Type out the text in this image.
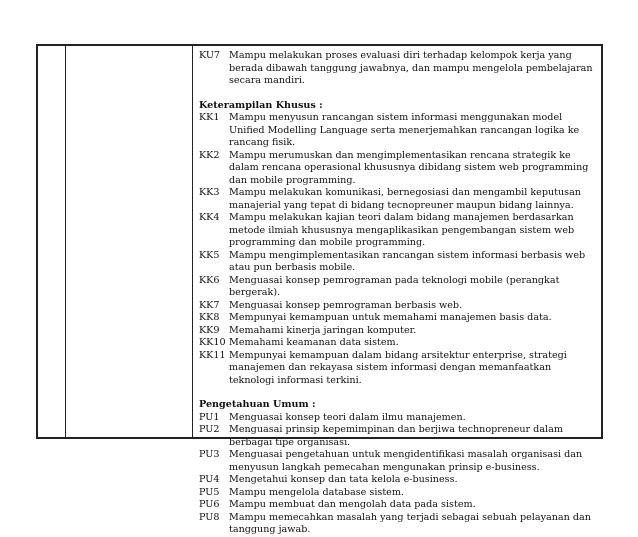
KU7 Mampu melakukan proses evaluasi diri terhadap kelompok kerja yang berada dibawah tanggung jawabnya, dan mampu mengelola pembelajaran secara mandiri.
Keterampilan Khusus :
KK1 Mampu menyusun rancangan sistem informasi menggunakan model Unified Modelling Language serta menerjemahkan rancangan logika ke rancang fisik.
KK2 Mampu merumuskan dan mengimplementasikan rencana strategik ke dalam rencana operasional khususnya dibidang sistem web programming dan mobile programming.
KK3 Mampu melakukan komunikasi, bernegosiasi dan mengambil keputusan manajerial yang tepat di bidang tecnopreuner maupun bidang lainnya.
KK4 Mampu melakukan kajian teori dalam bidang manajemen berdasarkan metode ilmiah khususnya mengaplikasikan pengembangan sistem web programming dan mobile programming.
KK5 Mampu mengimplementasikan rancangan sistem informasi berbasis web atau pun berbasis mobile.
KK6 Menguasai konsep pemrograman pada teknologi mobile (perangkat bergerak).
KK7 Menguasai konsep pemrograman berbasis web.
KK8 Mempunyai kemampuan untuk memahami manajemen basis data.
KK9 Memahami kinerja jaringan komputer.
KK10 Memahami keamanan data sistem.
KK11 Mempunyai kemampuan dalam bidang arsitektur enterprise, strategi manajemen dan rekayasa sistem informasi dengan memanfaatkan teknologi informasi terkini.
Pengetahuan Umum :
PU1 Menguasai konsep teori dalam ilmu manajemen.
PU2 Menguasai prinsip kepemimpinan dan berjiwa technopreneur dalam berbagai tipe organisasi.
PU3 Menguasai pengetahuan untuk mengidentifikasi masalah organisasi dan menyusun langkah pemecahan mengunakan prinsip e-business.
PU4 Mengetahui konsep dan tata kelola e-business.
PU5 Mampu mengelola database sistem.
PU6 Mampu membuat dan mengolah data pada sistem.
PU8 Mampu memecahkan masalah yang terjadi sebagai sebuah pelayanan dan tanggung jawab.
